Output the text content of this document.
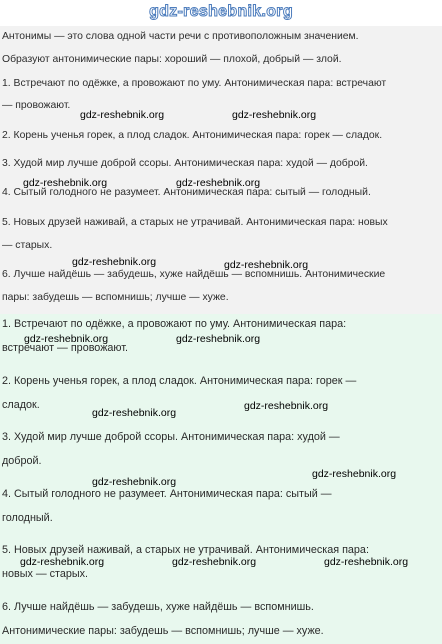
gdz-reshebnik.org
Антонимы — это слова одной части речи с противоположным значением.
Образуют антонимические пары: хороший — плохой, добрый — злой.
1. Встречают по одёжке, а провожают по уму. Антонимическая пара: встречают
— провожают.
2. Корень ученья горек, а плод сладок. Антонимическая пара: горек — сладок.
3. Худой мир лучше доброй ссоры. Антонимическая пара: худой — доброй.
4. Сытый голодного не разумеет. Антонимическая пара: сытый — голодный.
5. Новых друзей наживай, а старых не утрачивай. Антонимическая пара: новых
— старых.
6. Лучше найдёшь — забудешь, хуже найдёшь — вспомнишь. Антонимические
пары: забудешь — вспомнишь; лучше — хуже.
1. Встречают по одёжке, а провожают по уму. Антонимическая пара:
встречают — провожают.
2. Корень ученья горек, а плод сладок. Антонимическая пара: горек —
сладок.
3. Худой мир лучше доброй ссоры. Антонимическая пара: худой —
доброй.
4. Сытый голодного не разумеет. Антонимическая пара: сытый —
голодный.
5. Новых друзей наживай, а старых не утрачивай. Антонимическая пара:
новых — старых.
6. Лучше найдёшь — забудешь, хуже найдёшь — вспомнишь.
Антонимические пары: забудешь — вспомнишь; лучше — хуже.
gdz-reshebnik.org	gdz-reshebnik.org
gdz-reshebnik.org	gdz-reshebnik.org
gdz-reshebnik.org	gdz-reshebnik.org
gdz-reshebnik.org	gdz-reshebnik.org
gdz-reshebnik.org
gdz-reshebnik.org
gdz-reshebnik.org
gdz-reshebnik.org
gdz-reshebnik.org	gdz-reshebnik.org	gdz-reshebnik.org
